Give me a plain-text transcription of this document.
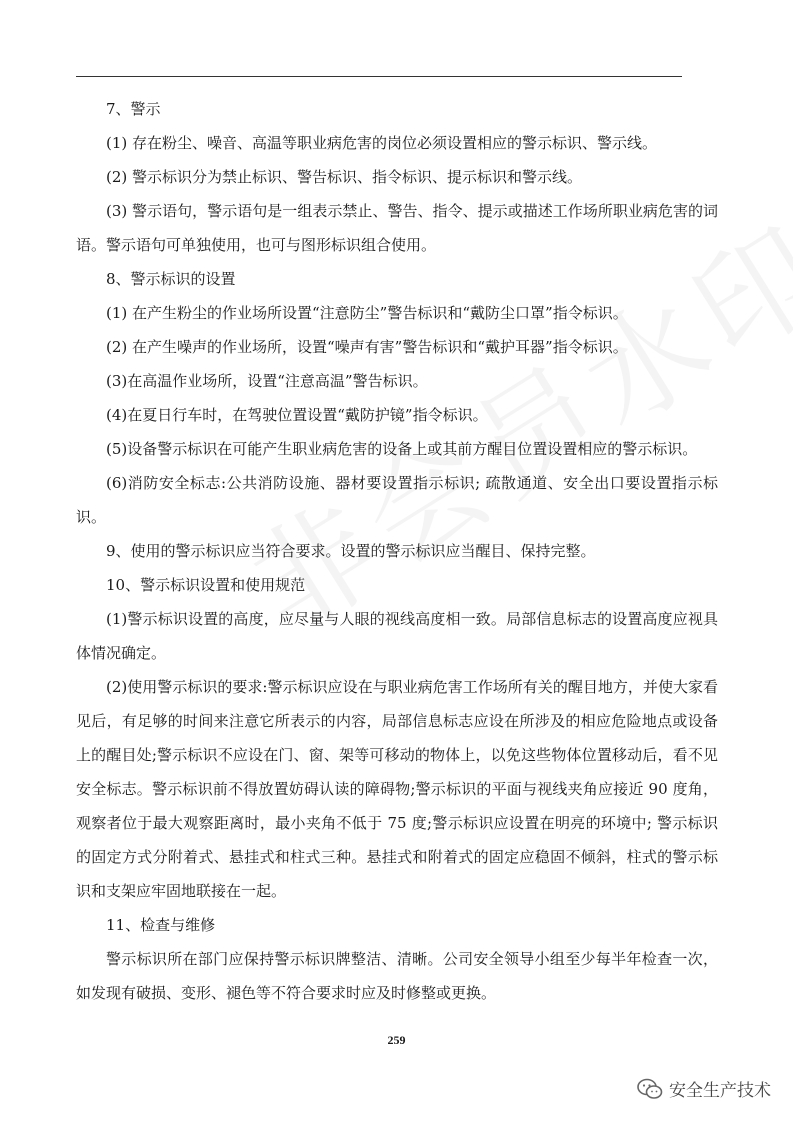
7、警示

(1) 存在粉尘、噪音、高温等职业病危害的岗位必须设置相应的警示标识、警示线。

(2) 警示标识分为禁止标识、警告标识、指令标识、提示标识和警示线。

(3) 警示语句，警示语句是一组表示禁止、警告、指令、提示或描述工作场所职业病危害的词语。警示语句可单独使用，也可与图形标识组合使用。

8、警示标识的设置

(1) 在产生粉尘的作业场所设置“注意防尘”警告标识和“戴防尘口罩”指令标识。

(2) 在产生噪声的作业场所，设置“噪声有害”警告标识和“戴护耳器”指令标识。

(3)在高温作业场所，设置“注意高温”警告标识。

(4)在夏日行车时，在驾驶位置设置“戴防护镜”指令标识。

(5)设备警示标识在可能产生职业病危害的设备上或其前方醒目位置设置相应的警示标识。

(6)消防安全标志:公共消防设施、器材要设置指示标识; 疏散通道、安全出口要设置指示标识。

9、使用的警示标识应当符合要求。设置的警示标识应当醒目、保持完整。

10、警示标识设置和使用规范

(1)警示标识设置的高度，应尽量与人眼的视线高度相一致。局部信息标志的设置高度应视具体情况确定。

(2)使用警示标识的要求:警示标识应设在与职业病危害工作场所有关的醒目地方，并使大家看见后，有足够的时间来注意它所表示的内容，局部信息标志应设在所涉及的相应危险地点或设备上的醒目处;警示标识不应设在门、窗、架等可移动的物体上，以免这些物体位置移动后，看不见安全标志。警示标识前不得放置妨碍认读的障碍物;警示标识的平面与视线夹角应接近 90 度角，观察者位于最大观察距离时，最小夹角不低于 75 度;警示标识应设置在明亮的环境中; 警示标识的固定方式分附着式、悬挂式和柱式三种。悬挂式和附着式的固定应稳固不倾斜，柱式的警示标识和支架应牢固地联接在一起。

11、检查与维修

警示标识所在部门应保持警示标识牌整洁、清晰。公司安全领导小组至少每半年检查一次，如发现有破损、变形、褪色等不符合要求时应及时修整或更换。

259
安全生产技术
